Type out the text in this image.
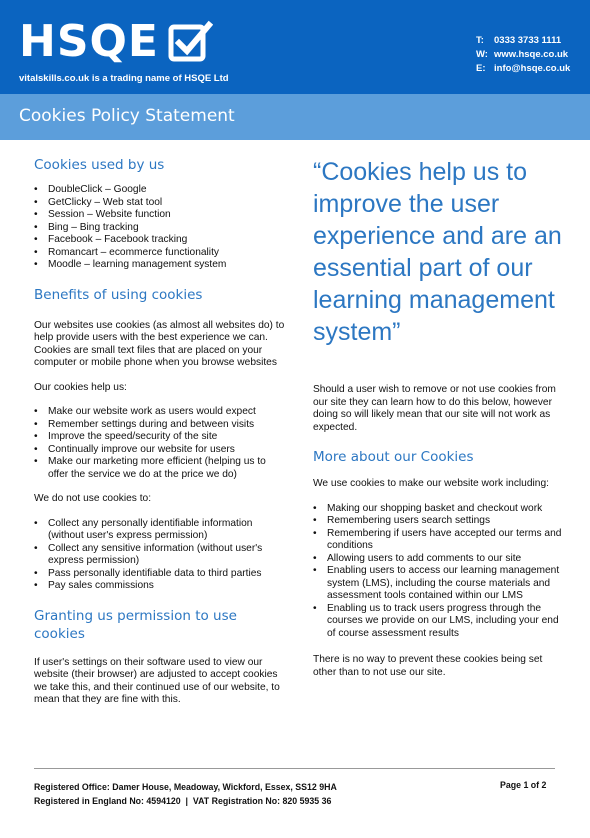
HSQE
vitalskills.co.uk is a trading name of HSQE Ltd
T:	0333 3733 1111
W: www.hsqe.co.uk
E: info@hsqe.co.uk
Cookies Policy Statement
Cookies used by us
• DoubleClick – Google
• GetClicky – Web stat tool
• Session – Website function
• Bing – Bing tracking
• Facebook – Facebook tracking
• Romancart – ecommerce functionality
• Moodle – learning management system
Benefits of using cookies

Our websites use cookies (as almost all websites do) to help provide users with the best experience we can.

Cookies are small text files that are placed on your computer or mobile phone when you browse websites

Our cookies help us:

• Make our website work as users would expect
• Remember settings during and between visits
• Improve the speed/security of the site
• Continually improve our website for users
• Make our marketing more efficient (helping us to offer the service we do at the price we do)

We do not use cookies to:

• Collect any personally identifiable information (without user's express permission)
• Collect any sensitive information (without user's express permission)
• Pass personally identifiable data to third parties
• Pay sales commissions
Granting us permission to use cookies

If user's settings on their software used to view our website (their browser) are adjusted to accept cookies we take this, and their continued use of our website, to mean that they are fine with this.

“Cookies help us to improve the user experience and are an essential part of our learning management system”

Should a user wish to remove or not use cookies from our site they can learn how to do this below, however doing so will likely mean that our site will not work as expected.

More about our Cookies

We use cookies to make our website work including:

• Making our shopping basket and checkout work
• Remembering users search settings
• Remembering if users have accepted our terms and conditions
• Allowing users to add comments to our site
• Enabling users to access our learning management system (LMS), including the course materials and assessment tools contained within our LMS
• Enabling us to track users progress through the courses we provide on our LMS, including your end of course assessment results

There is no way to prevent these cookies being set other than to not use our site.

Registered Office: Damer House, Meadoway, Wickford, Essex, SS12 9HA
Registered in England No: 4594120  |  VAT Registration No: 820 5935 36
Page 1 of 2
